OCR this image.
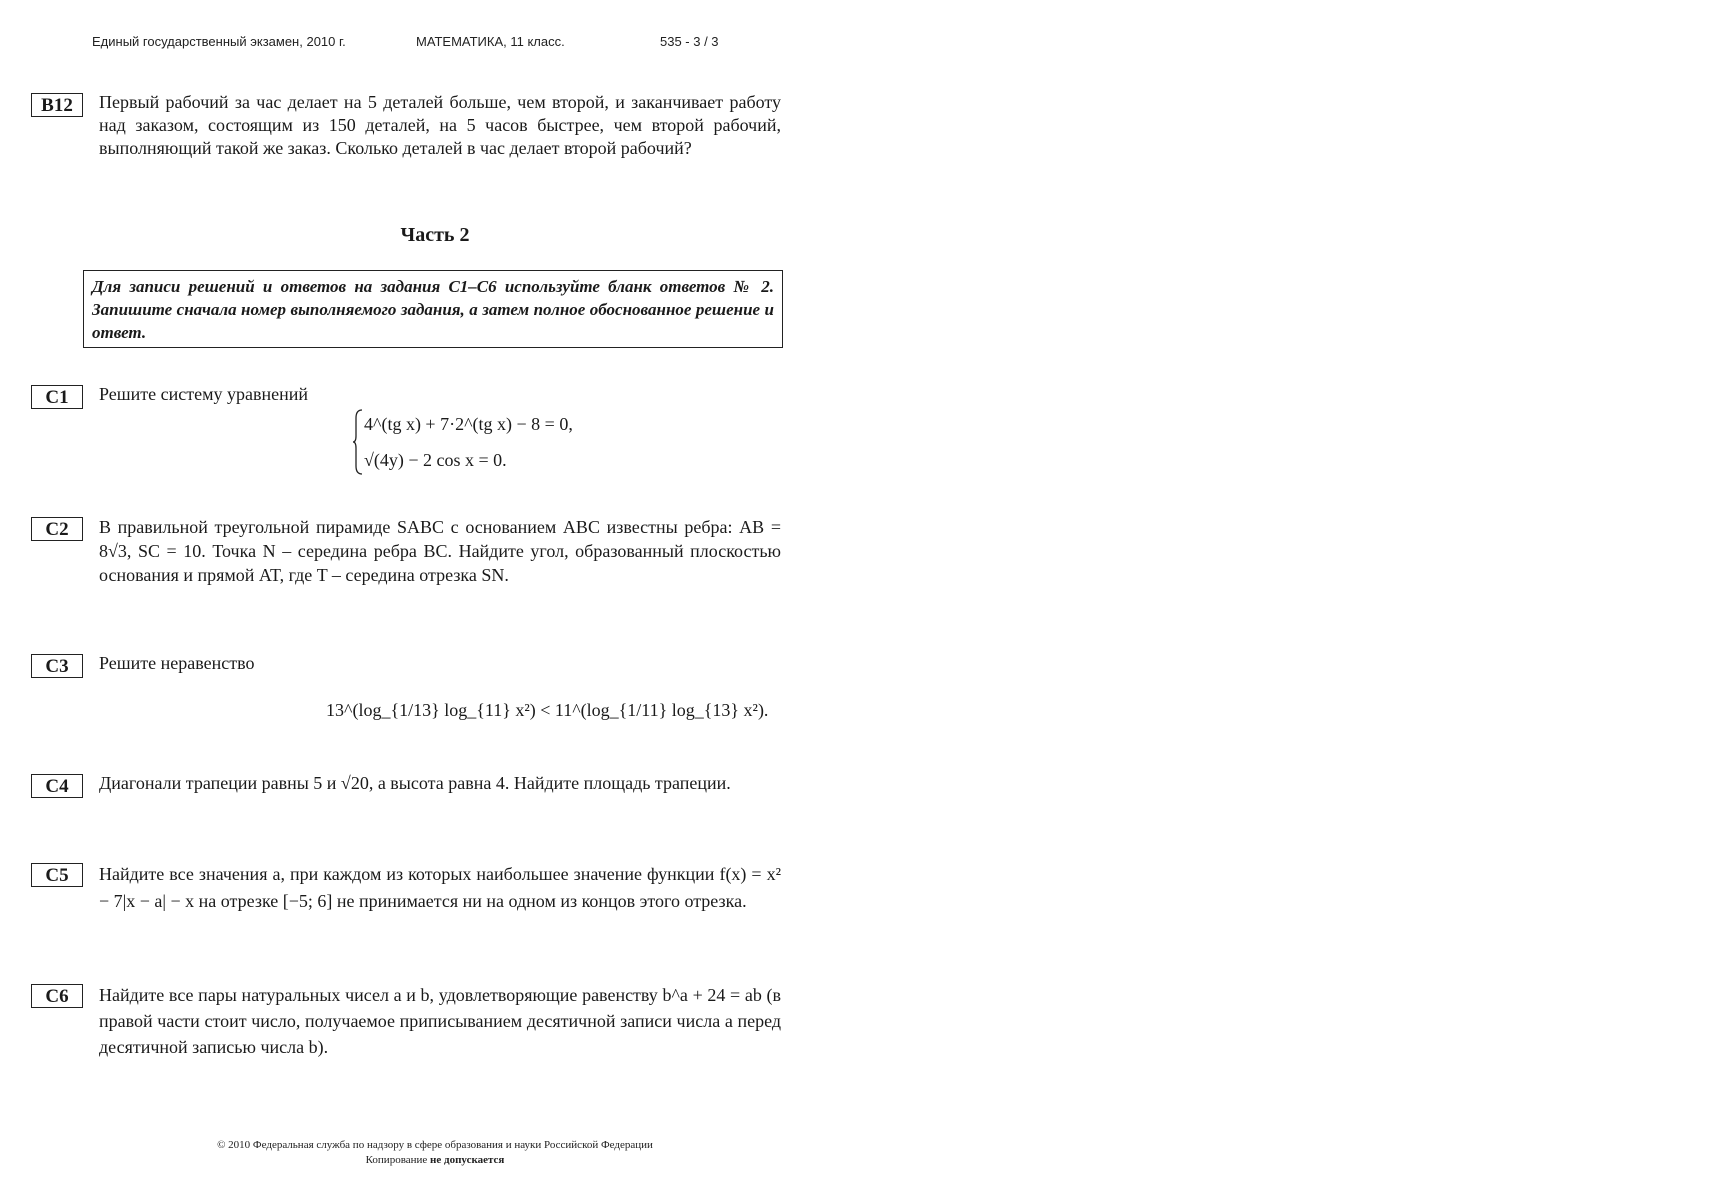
Единый государственный экзамен, 2010 г.	МАТЕМАТИКА, 11 класс.	535 - 3 / 3
B12	Первый рабочий за час делает на 5 деталей больше, чем второй, и заканчивает работу над заказом, состоящим из 150 деталей, на 5 часов быстрее, чем второй рабочий, выполняющий такой же заказ. Сколько деталей в час делает второй рабочий?
Часть 2
Для записи решений и ответов на задания C1–C6 используйте бланк ответов № 2. Запишите сначала номер выполняемого задания, а затем полное обоснованное решение и ответ.
C1	Решите систему уравнений
4^(tg x) + 7·2^(tg x) − 8 = 0,
√(4y) − 2 cos x = 0.
C2	В правильной треугольной пирамиде SABC с основанием ABC известны ребра: AB = 8√3, SC = 10. Точка N – середина ребра BC. Найдите угол, образованный плоскостью основания и прямой AT, где T – середина отрезка SN.
C3	Решите неравенство
13^(log_{1/13} log_{11} x²) < 11^(log_{1/11} log_{13} x²).
C4	Диагонали трапеции равны 5 и √20, а высота равна 4. Найдите площадь трапеции.
C5	Найдите все значения a, при каждом из которых наибольшее значение функции f(x) = x² − 7|x − a| − x на отрезке [−5; 6] не принимается ни на одном из концов этого отрезка.
C6	Найдите все пары натуральных чисел a и b, удовлетворяющие равенству b^a + 24 = ab (в правой части стоит число, получаемое приписыванием десятичной записи числа a перед десятичной записью числа b).
© 2010 Федеральная служба по надзору в сфере образования и науки Российской Федерации
Копирование не допускается
